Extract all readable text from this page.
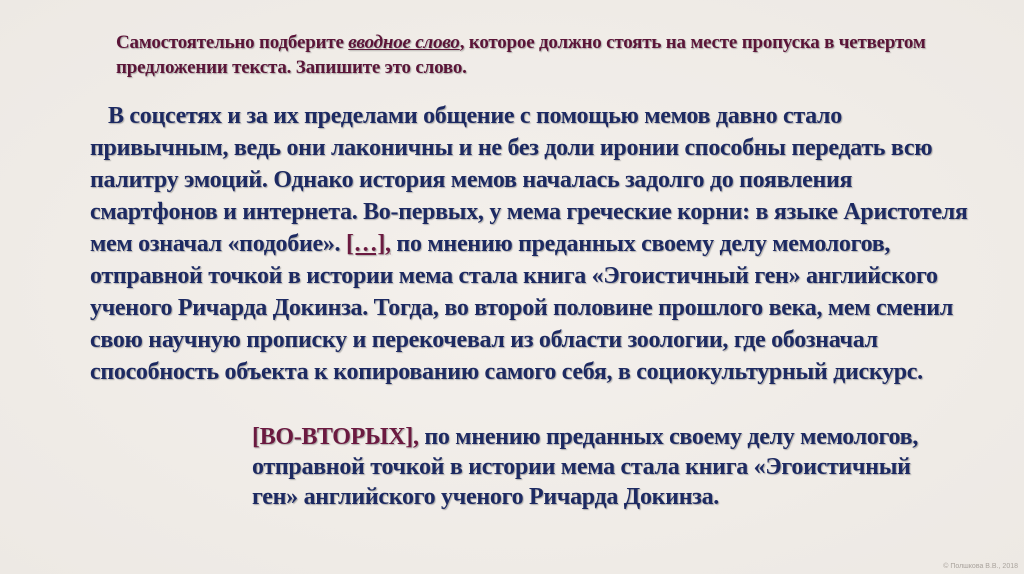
Самостоятельно подберите вводное слово, которое должно стоять на месте пропуска в четвертом предложении текста. Запишите это слово.
В соцсетях и за их пределами общение с помощью мемов давно стало привычным, ведь они лаконичны и не без доли иронии способны передать всю палитру эмоций. Однако история мемов началась задолго до появления смартфонов и интернета. Во-первых, у мема греческие корни: в языке Аристотеля мем означал «подобие». […], по мнению преданных своему делу мемологов, отправной точкой в истории мема стала книга «Эгоистичный ген» английского ученого Ричарда Докинза. Тогда, во второй половине прошлого века, мем сменил свою научную прописку и перекочевал из области зоологии, где обозначал способность объекта к копированию самого себя, в социокультурный дискурс.
[ВО-ВТОРЫХ], по мнению преданных своему делу мемологов, отправной точкой в истории мема стала книга «Эгоистичный ген» английского ученого Ричарда Докинза.
© Полшкова В.В., 2018
